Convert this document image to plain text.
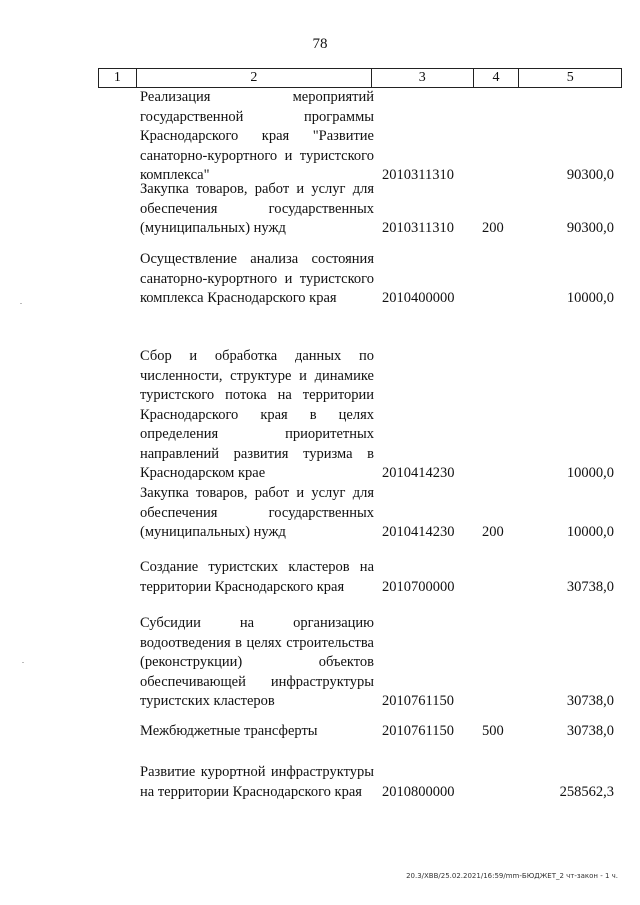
78
1	2	3	4	5
Реализация мероприятий государственной программы Краснодарского края "Развитие санаторно-курортного и туристского комплекса"	2010311310	90300,0
Закупка товаров, работ и услуг для обеспечения государственных (муниципальных) нужд	2010311310 200	90300,0
Осуществление анализа состояния санаторно-курортного и туристского комплекса Краснодарского края	2010400000	10000,0
Сбор и обработка данных по численности, структуре и динамике туристского потока на территории Краснодарского края в целях определения приоритетных направлений развития туризма в Краснодарском крае	2010414230	10000,0
Закупка товаров, работ и услуг для обеспечения государственных (муниципальных) нужд	2010414230 200	10000,0
Создание туристских кластеров на территории Краснодарского края	2010700000	30738,0
Субсидии на организацию водоотведения в целях строительства (реконструкции) объектов обеспечивающей инфраструктуры туристских кластеров	2010761150	30738,0
Межбюджетные трансферты	2010761150 500	30738,0
Развитие курортной инфраструктуры на территории Краснодарского края	2010800000	258562,3
20.3/ХВВ/25.02.2021/16:59/mm-БЮДЖЕТ_2 чт-закон - 1 ч.
